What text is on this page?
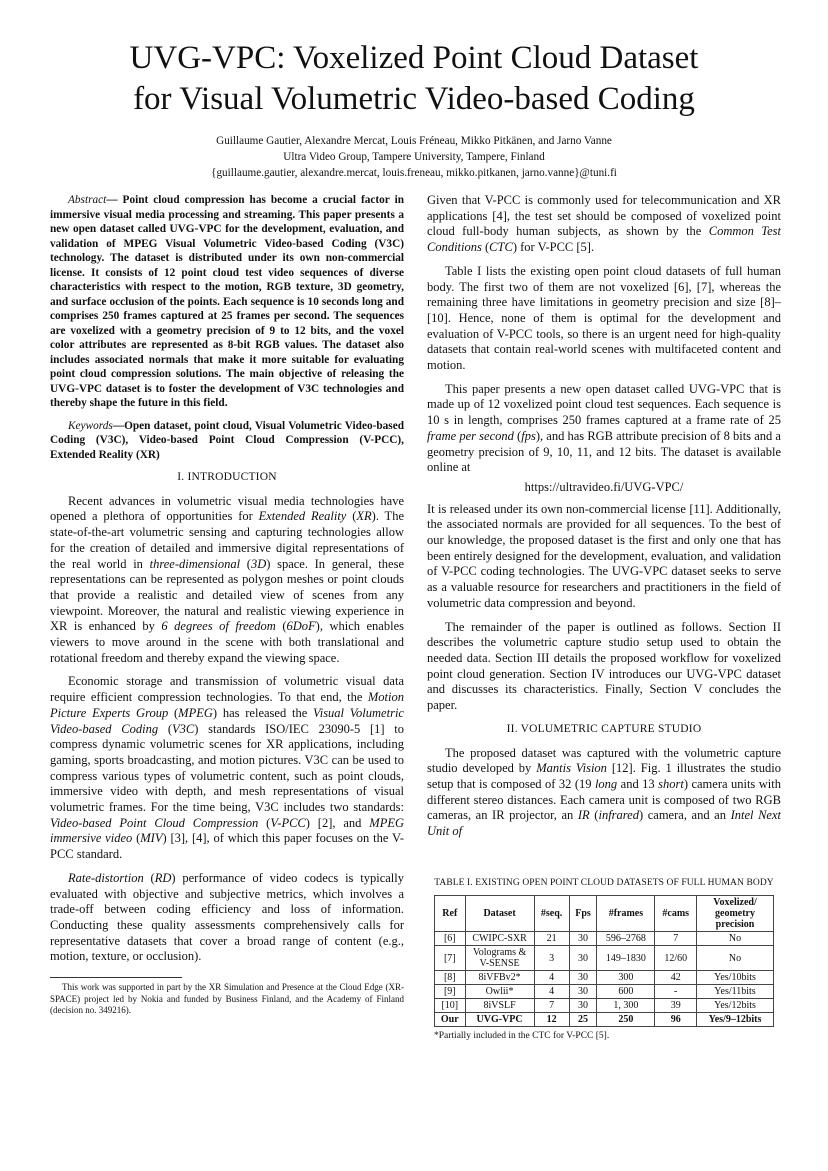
UVG-VPC: Voxelized Point Cloud Dataset
for Visual Volumetric Video-based Coding
Guillaume Gautier, Alexandre Mercat, Louis Fréneau, Mikko Pitkänen, and Jarno Vanne
Ultra Video Group, Tampere University, Tampere, Finland
{guillaume.gautier, alexandre.mercat, louis.freneau, mikko.pitkanen, jarno.vanne}@tuni.fi

Abstract— Point cloud compression has become a crucial factor in immersive visual media processing and streaming. This paper presents a new open dataset called UVG-VPC for the development, evaluation, and validation of MPEG Visual Volumetric Video-based Coding (V3C) technology. The dataset is distributed under its own non-commercial license. It consists of 12 point cloud test video sequences of diverse characteristics with respect to the motion, RGB texture, 3D geometry, and surface occlusion of the points. Each sequence is 10 seconds long and comprises 250 frames captured at 25 frames per second. The sequences are voxelized with a geometry precision of 9 to 12 bits, and the voxel color attributes are represented as 8-bit RGB values. The dataset also includes associated normals that make it more suitable for evaluating point cloud compression solutions. The main objective of releasing the UVG-VPC dataset is to foster the development of V3C technologies and thereby shape the future in this field.

Keywords—Open dataset, point cloud, Visual Volumetric Video-based Coding (V3C), Video-based Point Cloud Compression (V-PCC), Extended Reality (XR)

I. INTRODUCTION

Recent advances in volumetric visual media technologies have opened a plethora of opportunities for Extended Reality (XR). The state-of-the-art volumetric sensing and capturing technologies allow for the creation of detailed and immersive digital representations of the real world in three-dimensional (3D) space. In general, these representations can be represented as polygon meshes or point clouds that provide a realistic and detailed view of scenes from any viewpoint. Moreover, the natural and realistic viewing experience in XR is enhanced by 6 degrees of freedom (6DoF), which enables viewers to move around in the scene with both translational and rotational freedom and thereby expand the viewing space.

Economic storage and transmission of volumetric visual data require efficient compression technologies. To that end, the Motion Picture Experts Group (MPEG) has released the Visual Volumetric Video-based Coding (V3C) standards ISO/IEC 23090-5 [1] to compress dynamic volumetric scenes for XR applications, including gaming, sports broadcasting, and motion pictures. V3C can be used to compress various types of volumetric content, such as point clouds, immersive video with depth, and mesh representations of visual volumetric frames. For the time being, V3C includes two standards: Video-based Point Cloud Compression (V-PCC) [2], and MPEG immersive video (MIV) [3], [4], of which this paper focuses on the V-PCC standard.

Rate-distortion (RD) performance of video codecs is typically evaluated with objective and subjective metrics, which involves a trade-off between coding efficiency and loss of information. Conducting these quality assessments comprehensively calls for representative datasets that cover a broad range of content (e.g., motion, texture, or occlusion).

This work was supported in part by the XR Simulation and Presence at the Cloud Edge (XR-SPACE) project led by Nokia and funded by Business Finland, and the Academy of Finland (decision no. 349216).

Given that V-PCC is commonly used for telecommunication and XR applications [4], the test set should be composed of voxelized point cloud full-body human subjects, as shown by the Common Test Conditions (CTC) for V-PCC [5].

Table I lists the existing open point cloud datasets of full human body. The first two of them are not voxelized [6], [7], whereas the remaining three have limitations in geometry precision and size [8]–[10]. Hence, none of them is optimal for the development and evaluation of V-PCC tools, so there is an urgent need for high-quality datasets that contain real-world scenes with multifaceted content and motion.

This paper presents a new open dataset called UVG-VPC that is made up of 12 voxelized point cloud test sequences. Each sequence is 10 s in length, comprises 250 frames captured at a frame rate of 25 frame per second (fps), and has RGB attribute precision of 8 bits and a geometry precision of 9, 10, 11, and 12 bits. The dataset is available online at

https://ultravideo.fi/UVG-VPC/

It is released under its own non-commercial license [11]. Additionally, the associated normals are provided for all sequences. To the best of our knowledge, the proposed dataset is the first and only one that has been entirely designed for the development, evaluation, and validation of V-PCC coding technologies. The UVG-VPC dataset seeks to serve as a valuable resource for researchers and practitioners in the field of volumetric data compression and beyond.

The remainder of the paper is outlined as follows. Section II describes the volumetric capture studio setup used to obtain the needed data. Section III details the proposed workflow for voxelized point cloud generation. Section IV introduces our UVG-VPC dataset and discusses its characteristics. Finally, Section V concludes the paper.

II. VOLUMETRIC CAPTURE STUDIO

The proposed dataset was captured with the volumetric capture studio developed by Mantis Vision [12]. Fig. 1 illustrates the studio setup that is composed of 32 (19 long and 13 short) camera units with different stereo distances. Each camera unit is composed of two RGB cameras, an IR projector, an IR (infrared) camera, and an Intel Next Unit of

TABLE I. EXISTING OPEN POINT CLOUD DATASETS OF FULL HUMAN BODY
Ref	Dataset	#seq.	Fps	#frames	#cams	Voxelized/ geometry precision
[6]	CWIPC-SXR	21	30	596–2768	7	No
[7]	Volograms & V-SENSE	3	30	149–1830	12/60	No
[8]	8iVFBv2*	4	30	300	42	Yes/10bits
[9]	Owlii*	4	30	600	-	Yes/11bits
[10]	8iVSLF	7	30	1, 300	39	Yes/12bits
Our	UVG-VPC	12	25	250	96	Yes/9–12bits
*Partially included in the CTC for V-PCC [5].
